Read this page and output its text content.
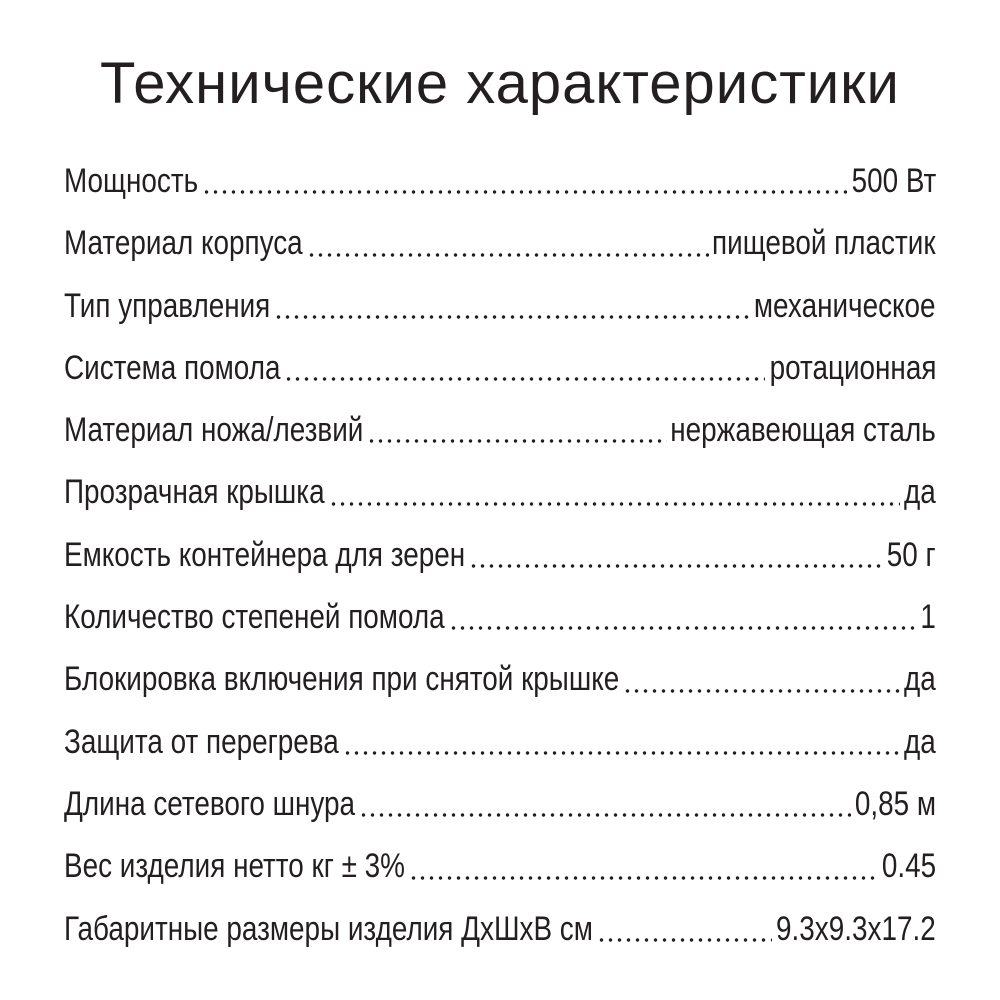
Технические характеристики
Мощность	500 Вт
Материал корпуса	пищевой пластик
Тип управления	механическое
Система помола	ротационная
Материал ножа/лезвий	нержавеющая сталь
Прозрачная крышка	да
Емкость контейнера для зерен	50 г
Количество степеней помола	1
Блокировка включения при снятой крышке	да
Защита от перегрева	да
Длина сетевого шнура	0,85 м
Вес изделия нетто кг ± 3%	0.45
Габаритные размеры изделия ДхШхВ см	9.3x9.3x17.2
